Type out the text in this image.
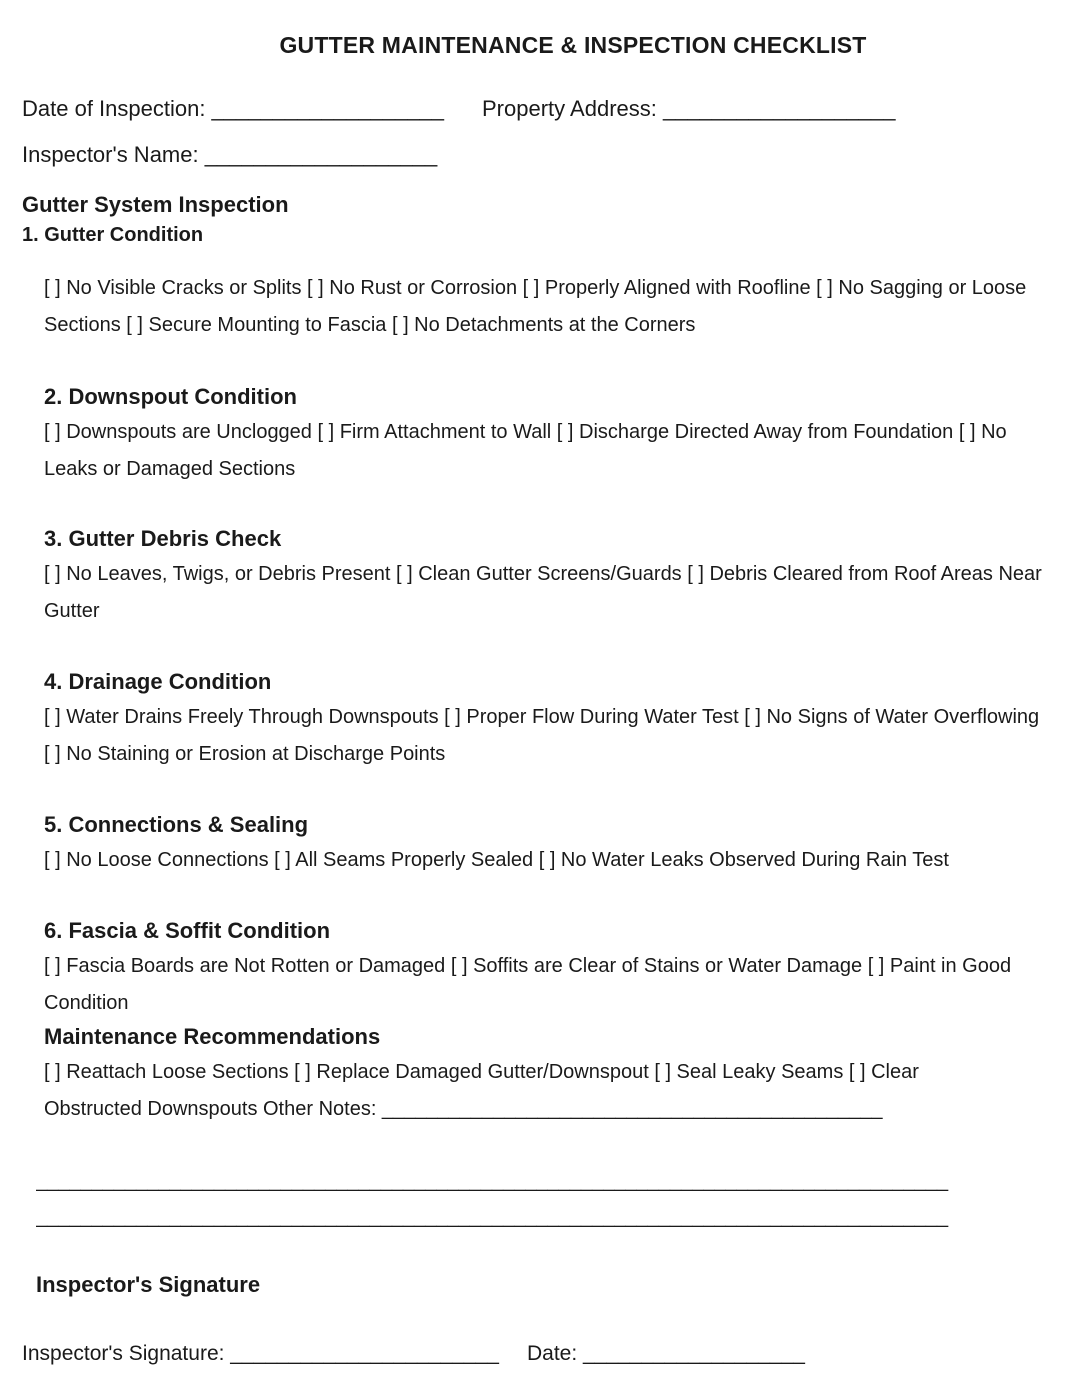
GUTTER MAINTENANCE & INSPECTION CHECKLIST
Date of Inspection: ___________________ Property Address: ___________________
Inspector's Name: ___________________
Gutter System Inspection
1. Gutter Condition
[ ] No Visible Cracks or Splits [ ] No Rust or Corrosion [ ] Properly Aligned with Roofline [ ] No Sagging or Loose Sections [ ] Secure Mounting to Fascia [ ] No Detachments at the Corners
2. Downspout Condition
[ ] Downspouts are Unclogged [ ] Firm Attachment to Wall [ ] Discharge Directed Away from Foundation [ ] No Leaks or Damaged Sections
3. Gutter Debris Check
[ ] No Leaves, Twigs, or Debris Present [ ] Clean Gutter Screens/Guards [ ] Debris Cleared from Roof Areas Near Gutter
4. Drainage Condition
[ ] Water Drains Freely Through Downspouts [ ] Proper Flow During Water Test [ ] No Signs of Water Overflowing [ ] No Staining or Erosion at Discharge Points
5. Connections & Sealing
[ ] No Loose Connections [ ] All Seams Properly Sealed [ ] No Water Leaks Observed During Rain Test
6. Fascia & Soffit Condition
[ ] Fascia Boards are Not Rotten or Damaged [ ] Soffits are Clear of Stains or Water Damage [ ] Paint in Good Condition
Maintenance Recommendations
[ ] Reattach Loose Sections [ ] Replace Damaged Gutter/Downspout [ ] Seal Leaky Seams [ ] Clear Obstructed Downspouts Other Notes: _____________________________________________
__________________________________________________________________________________
__________________________________________________________________________________
Inspector's Signature
Inspector's Signature: _______________________ Date: ___________________
